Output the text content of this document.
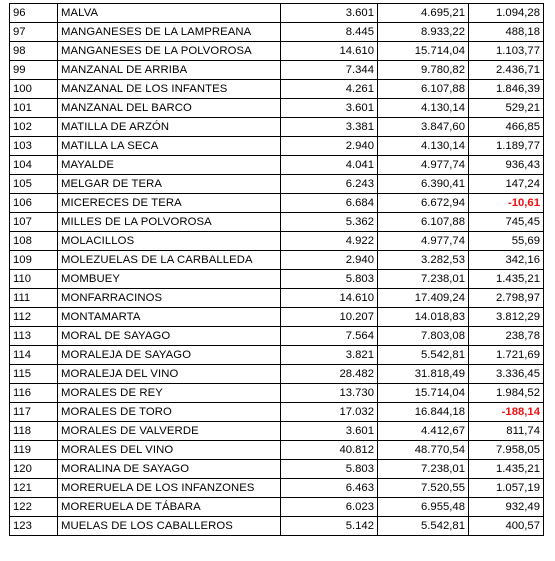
96	MALVA	3.601	4.695,21	1.094,28
97	MANGANESES DE LA LAMPREANA	8.445	8.933,22	488,18
98	MANGANESES DE LA POLVOROSA	14.610	15.714,04	1.103,77
99	MANZANAL DE ARRIBA	7.344	9.780,82	2.436,71
100	MANZANAL DE LOS INFANTES	4.261	6.107,88	1.846,39
101	MANZANAL DEL BARCO	3.601	4.130,14	529,21
102	MATILLA DE ARZÓN	3.381	3.847,60	466,85
103	MATILLA LA SECA	2.940	4.130,14	1.189,77
104	MAYALDE	4.041	4.977,74	936,43
105	MELGAR DE TERA	6.243	6.390,41	147,24
106	MICERECES DE TERA	6.684	6.672,94	-10,61
107	MILLES DE LA POLVOROSA	5.362	6.107,88	745,45
108	MOLACILLOS	4.922	4.977,74	55,69
109	MOLEZUELAS DE LA CARBALLEDA	2.940	3.282,53	342,16
110	MOMBUEY	5.803	7.238,01	1.435,21
111	MONFARRACINOS	14.610	17.409,24	2.798,97
112	MONTAMARTA	10.207	14.018,83	3.812,29
113	MORAL DE SAYAGO	7.564	7.803,08	238,78
114	MORALEJA DE SAYAGO	3.821	5.542,81	1.721,69
115	MORALEJA DEL VINO	28.482	31.818,49	3.336,45
116	MORALES DE REY	13.730	15.714,04	1.984,52
117	MORALES DE TORO	17.032	16.844,18	-188,14
118	MORALES DE VALVERDE	3.601	4.412,67	811,74
119	MORALES DEL VINO	40.812	48.770,54	7.958,05
120	MORALINA DE SAYAGO	5.803	7.238,01	1.435,21
121	MORERUELA DE LOS INFANZONES	6.463	7.520,55	1.057,19
122	MORERUELA DE TÁBARA	6.023	6.955,48	932,49
123	MUELAS DE LOS CABALLEROS	5.142	5.542,81	400,57
